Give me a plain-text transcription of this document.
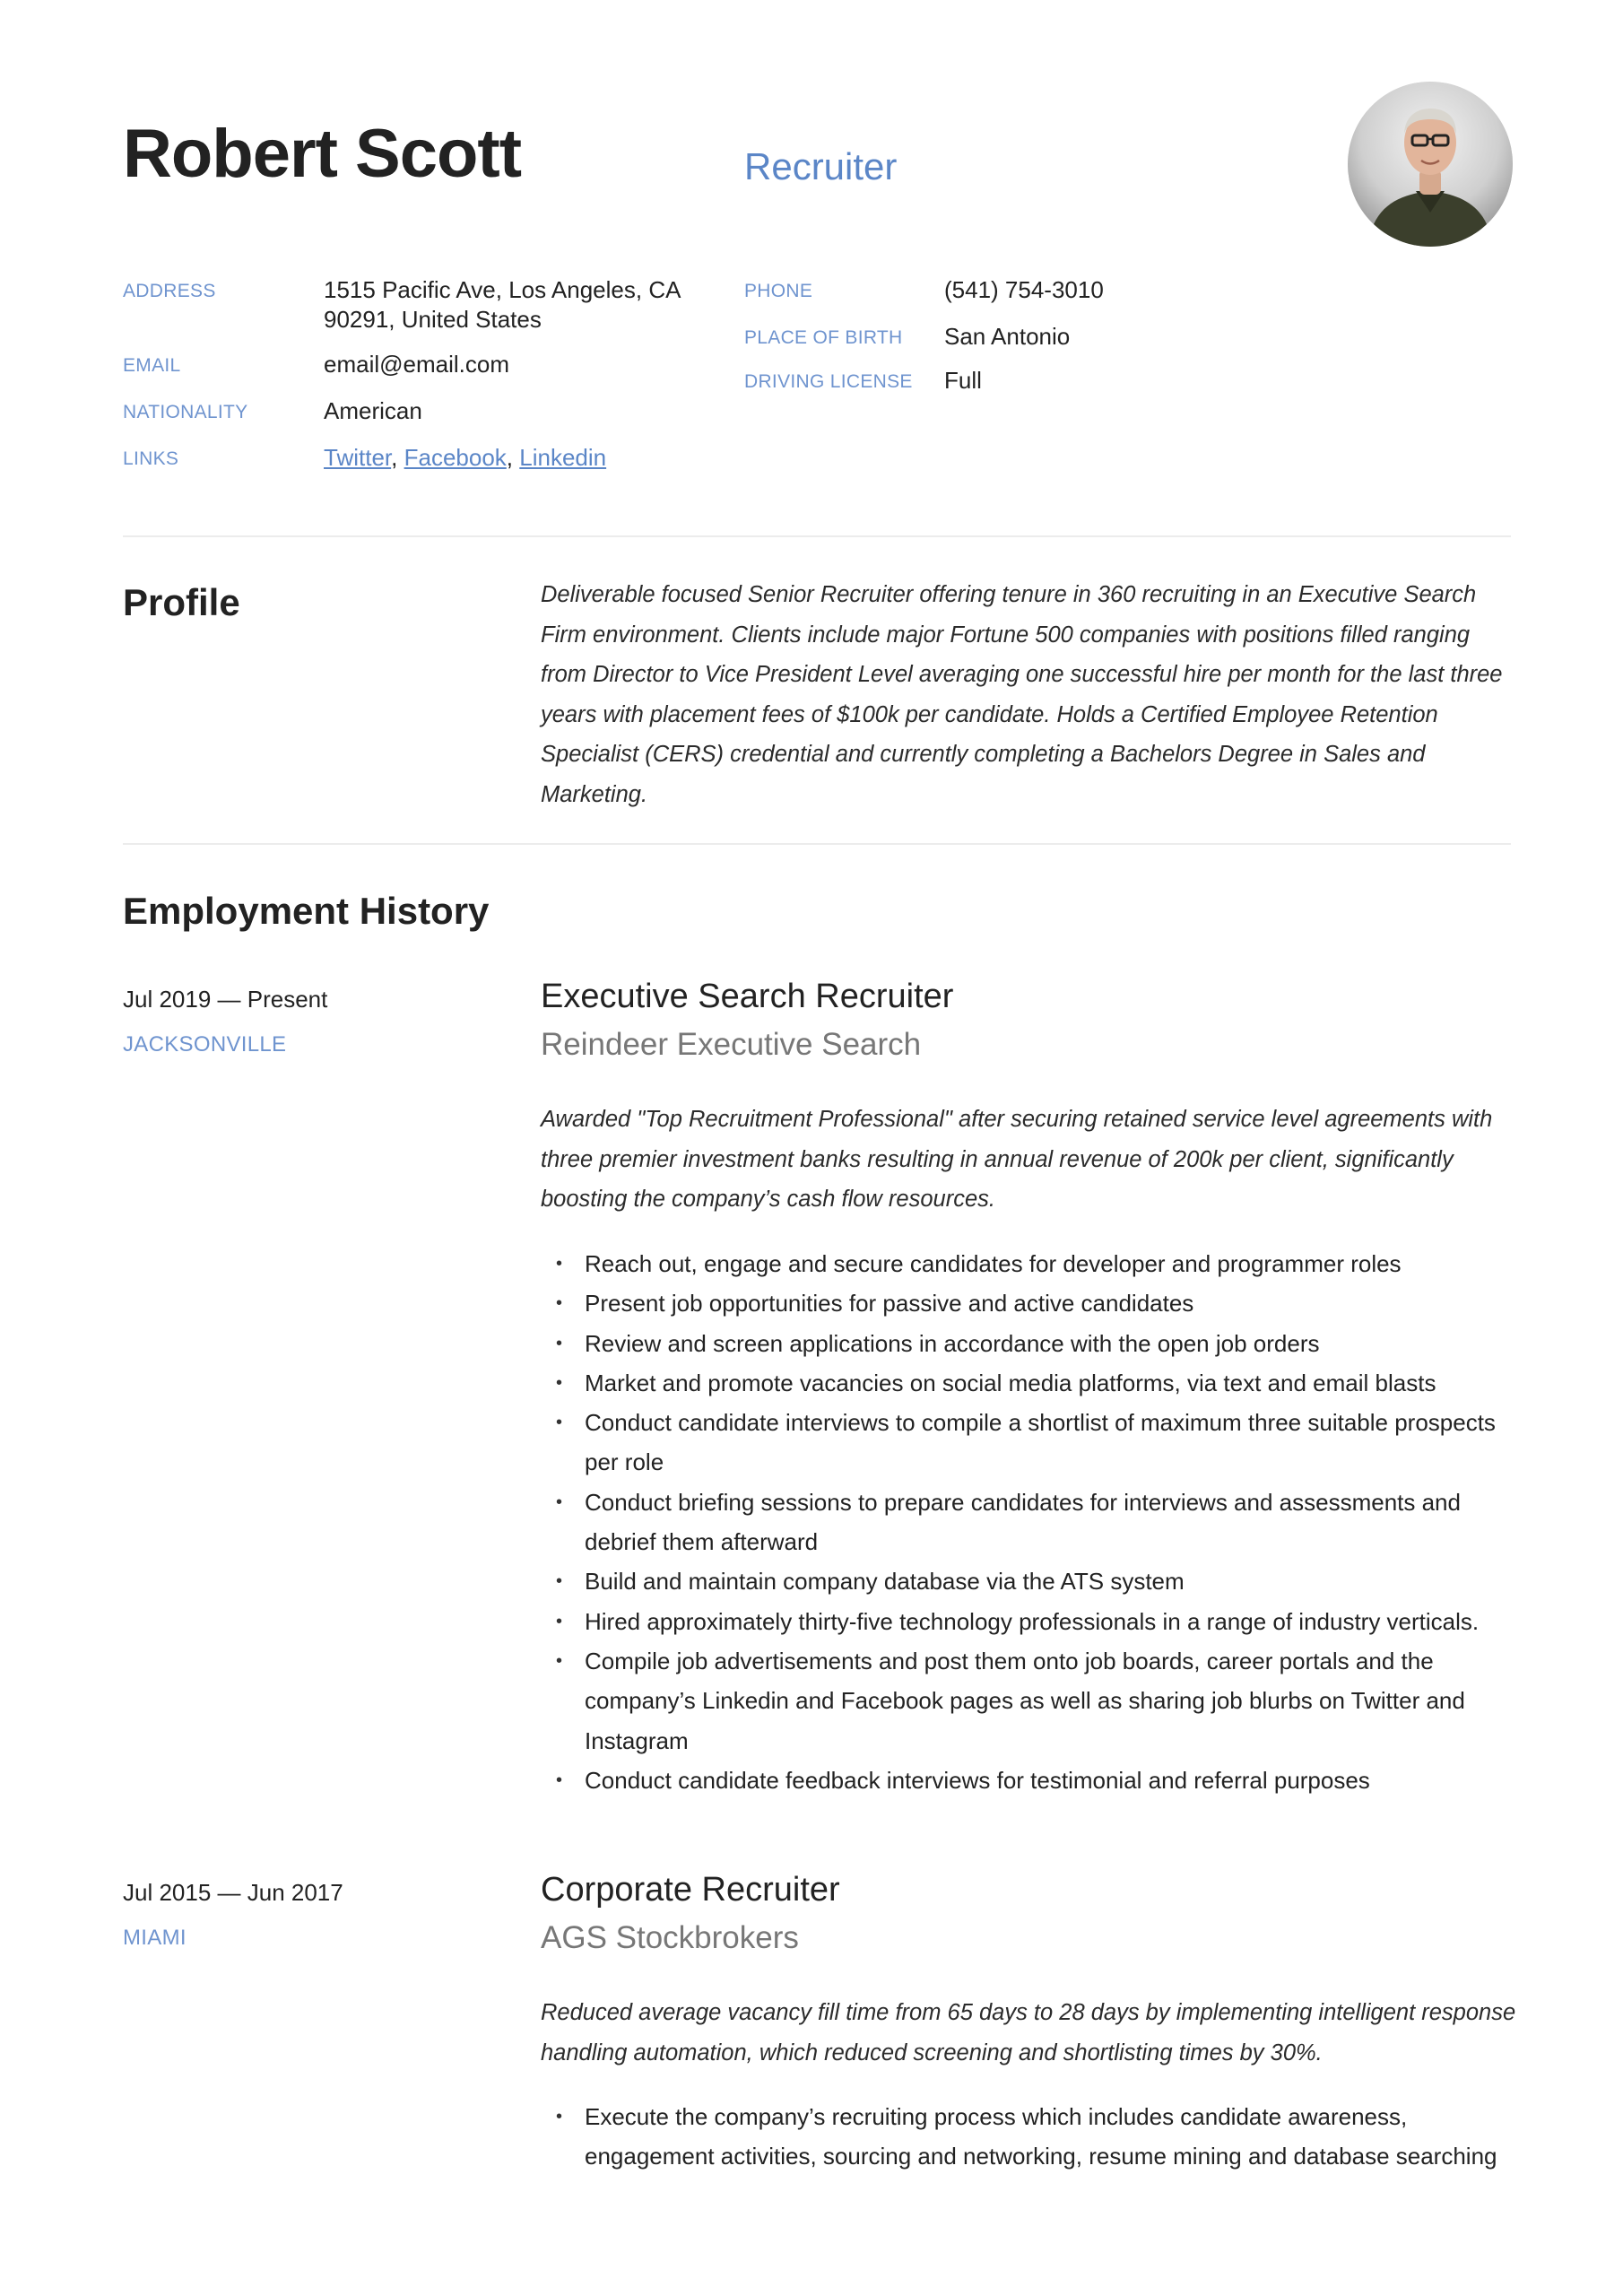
Robert Scott	Recruiter
ADDRESS	1515 Pacific Ave, Los Angeles, CA
90291, United States
EMAIL	email@email.com
NATIONALITY	American
LINKS	Twitter, Facebook, Linkedin
PHONE	(541) 754-3010
PLACE OF BIRTH San Antonio
DRIVING LICENSE Full
Profile	Deliverable focused Senior Recruiter offering tenure in 360 recruiting in an Executive Search Firm environment. Clients include major Fortune 500 companies with positions filled ranging from Director to Vice President Level averaging one successful hire per month for the last three years with placement fees of $100k per candidate. Holds a Certified Employee Retention Specialist (CERS) credential and currently completing a Bachelors Degree in Sales and Marketing.

Employment History
Jul 2019 — Present
JACKSONVILLE
Executive Search Recruiter
Reindeer Executive Search

Awarded "Top Recruitment Professional" after securing retained service level agreements with three premier investment banks resulting in annual revenue of 200k per client, significantly boosting the company’s cash flow resources.

• Reach out, engage and secure candidates for developer and programmer roles
• Present job opportunities for passive and active candidates
• Review and screen applications in accordance with the open job orders
• Market and promote vacancies on social media platforms, via text and email blasts
• Conduct candidate interviews to compile a shortlist of maximum three suitable prospects per role
• Conduct briefing sessions to prepare candidates for interviews and assessments and debrief them afterward
• Build and maintain company database via the ATS system
• Hired approximately thirty-five technology professionals in a range of industry verticals.
• Compile job advertisements and post them onto job boards, career portals and the company’s Linkedin and Facebook pages as well as sharing job blurbs on Twitter and Instagram
• Conduct candidate feedback interviews for testimonial and referral purposes
Jul 2015 — Jun 2017
MIAMI
Corporate Recruiter
AGS Stockbrokers

Reduced average vacancy fill time from 65 days to 28 days by implementing intelligent response handling automation, which reduced screening and shortlisting times by 30%.

• Execute the company’s recruiting process which includes candidate awareness, engagement activities, sourcing and networking, resume mining and database searching
